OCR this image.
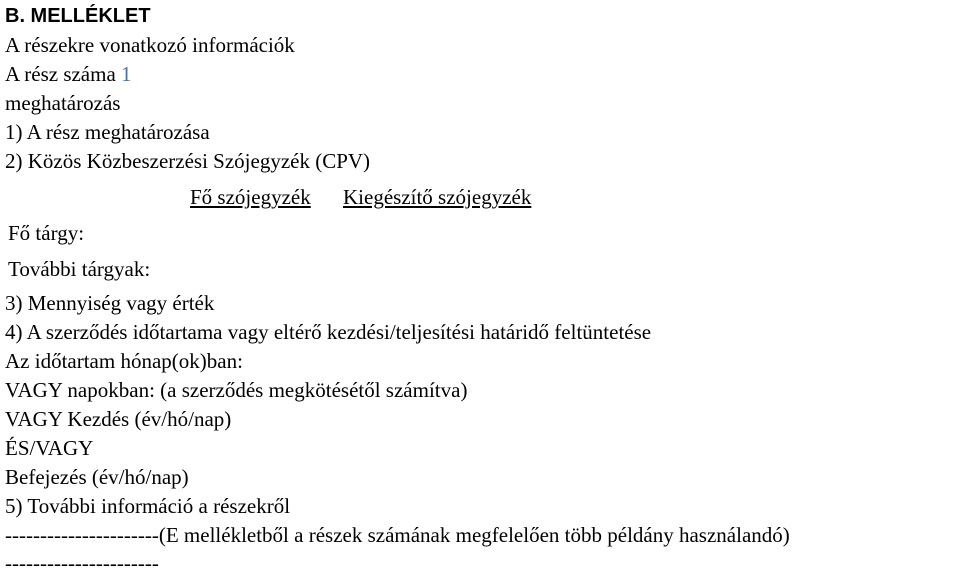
B. MELLÉKLET
A részekre vonatkozó információk
A rész száma 1
meghatározás
1) A rész meghatározása
2) Közös Közbeszerzési Szójegyzék (CPV)
Fő szójegyzék Kiegészítő szójegyzék
Fő tárgy:
További tárgyak:
3) Mennyiség vagy érték
4) A szerződés időtartama vagy eltérő kezdési/teljesítési határidő feltüntetése
Az időtartam hónap(ok)ban:
VAGY napokban: (a szerződés megkötésétől számítva)
VAGY Kezdés (év/hó/nap)
ÉS/VAGY
Befejezés (év/hó/nap)
5) További információ a részekről
----------------------(E mellékletből a részek számának megfelelően több példány használandó)
----------------------
